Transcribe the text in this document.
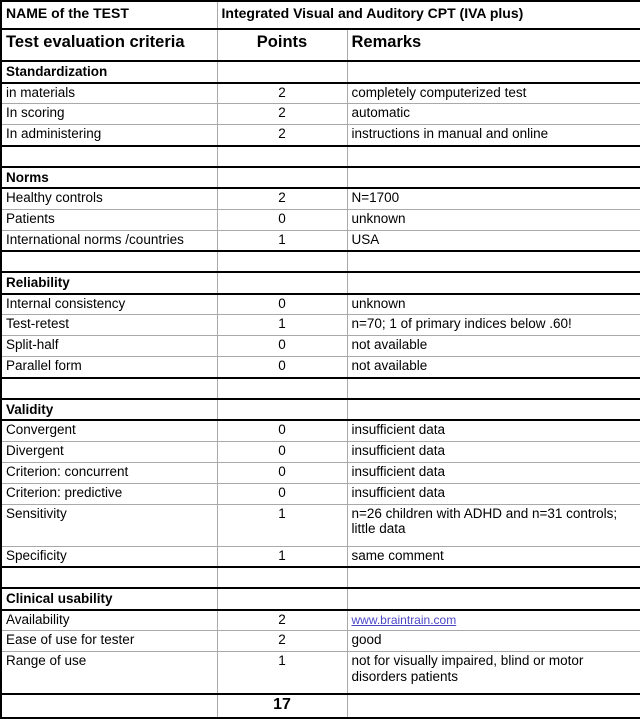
NAME of the TEST	Integrated Visual and Auditory CPT (IVA plus)	
Test evaluation criteria	Points	Remarks
Standardization		
in materials	2	completely computerized test
In scoring	2	automatic
In administering	2	instructions in manual and online

Norms		
Healthy controls	2	N=1700
Patients	0	unknown
International norms /countries	1	USA

Reliability		
Internal consistency	0	unknown
Test-retest	1	n=70; 1 of primary indices below .60!
Split-half	0	not available
Parallel form	0	not available

Validity		
Convergent	0	insufficient data
Divergent	0	insufficient data
Criterion: concurrent	0	insufficient data
Criterion: predictive	0	insufficient data
Sensitivity	1	n=26 children with ADHD and n=31 controls; little data
Specificity	1	same comment

Clinical usability		
Availability	2	www.braintrain.com
Ease of use for tester	2	good
Range of use	1	not for visually impaired, blind or motor disorders patients
	17	
